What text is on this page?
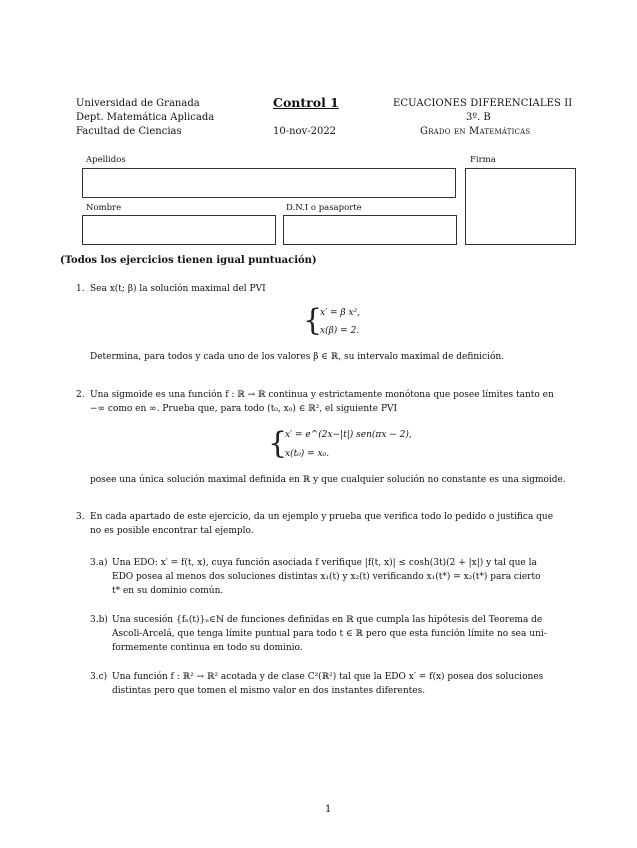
Universidad de Granada
Dept. Matemática Aplicada
Facultad de Ciencias
Control 1
10-nov-2022
ECUACIONES DIFERENCIALES II
3º. B
Grado en Matemáticas
Apellidos	Firma
Nombre	D.N.I o pasaporte
(Todos los ejercicios tienen igual puntuación)
1. Sea x(t; β) la solución maximal del PVI
{
x′ = β x²,
x(β) = 2.
Determina, para todos y cada uno de los valores β ∈ ℝ, su intervalo maximal de definición.
2. Una sigmoide es una función f : ℝ → ℝ continua y estrictamente monótona que posee límites tanto en
−∞ como en ∞. Prueba que, para todo (t₀, x₀) ∈ ℝ², el siguiente PVI
{
x′ = e^(2x−|t|) sen(πx − 2),
x(t₀) = x₀.
posee una única solución maximal definida en ℝ y que cualquier solución no constante es una sigmoide.
3. En cada apartado de este ejercicio, da un ejemplo y prueba que verifica todo lo pedido o justifica que
no es posible encontrar tal ejemplo.
3.a) Una EDO: x′ = f(t, x), cuya función asociada f verifique |f(t, x)| ≤ cosh(3t)(2 + |x|) y tal que la
EDO posea al menos dos soluciones distintas x₁(t) y x₂(t) verificando x₁(t*) = x₂(t*) para cierto
t* en su dominio común.
3.b) Una sucesión {fₙ(t)}ₙ∈ℕ de funciones definidas en ℝ que cumpla las hipótesis del Teorema de
Ascoli-Arcelá, que tenga límite puntual para todo t ∈ ℝ pero que esta función límite no sea uni-
formemente continua en todo su dominio.
3.c) Una función f : ℝ² → ℝ² acotada y de clase C²(ℝ²) tal que la EDO x′ = f(x) posea dos soluciones
distintas pero que tomen el mismo valor en dos instantes diferentes.
1
